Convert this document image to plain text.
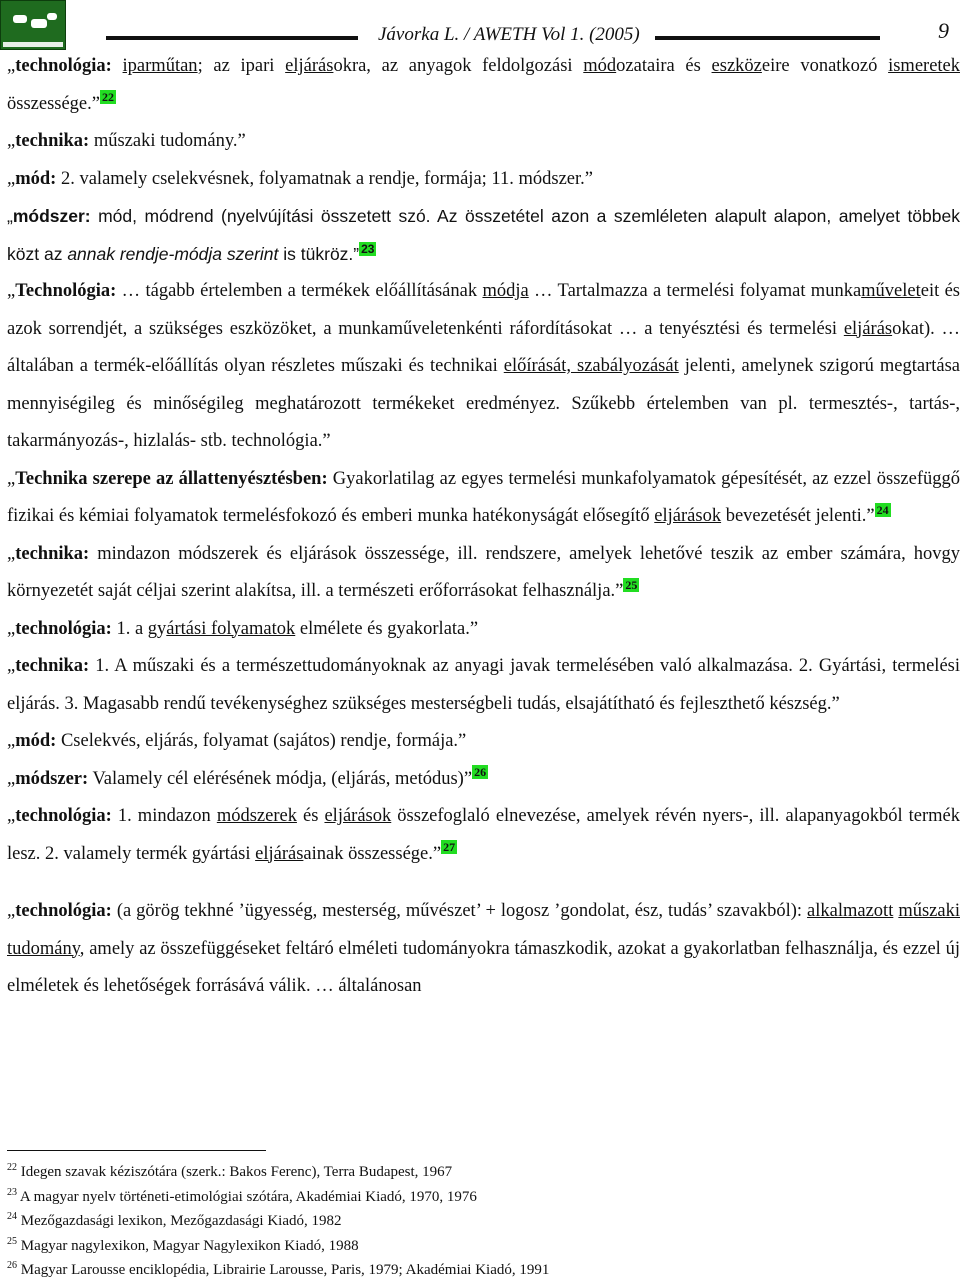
Jávorka L. / AWETH Vol 1. (2005)	9

„technológia: iparműtan; az ipari eljárásokra, az anyagok feldolgozási módozataira és eszközeire vonatkozó ismeretek összessége.” $^{22}$

„technika: műszaki tudomány.”

„mód: 2. valamely cselekvésnek, folyamatnak a rendje, formája; 11. módszer.”

„módszer: mód, módrend (nyelvújítási összetett szó. Az összetétel azon a szemléleten alapult alapon, amelyet többek közt az annak rendje-módja szerint is tükröz.” $^{23}$

„Technológia: … tágabb értelemben a termékek előállításának módja … Tartalmazza a termelési folyamat munkaműveleteit és azok sorrendjét, a szükséges eszközöket, a munkaműveletenkénti ráfordításokat … a tenyésztési és termelési eljárásokat). … általában a termék-előállítás olyan részletes műszaki és technikai előírását, szabályozását jelenti, amelynek szigorú megtartása mennyiségileg és minőségileg meghatározott termékeket eredményez. Szűkebb értelemben van pl. termesztés-, tartás-, takarmányozás-, hizlalás- stb. technológia.”

„Technika szerepe az állattenyésztésben: Gyakorlatilag az egyes termelési munkafolyamatok gépesítését, az ezzel összefüggő fizikai és kémiai folyamatok termelésfokozó és emberi munka hatékonyságát elősegítő eljárások bevezetését jelenti.” $^{24}$

„technika: mindazon módszerek és eljárások összessége, ill. rendszere, amelyek lehetővé teszik az ember számára, hovgy környezetét saját céljai szerint alakítsa, ill. a természeti erőforrásokat felhasználja.” $^{25}$

„technológia: 1. a gyártási folyamatok elmélete és gyakorlata.”

„technika: 1. A műszaki és a természettudományoknak az anyagi javak termelésében való alkalmazása. 2. Gyártási, termelési eljárás. 3. Magasabb rendű tevékenységhez szükséges mesterségbeli tudás, elsajátítható és fejleszthető készség.”

„mód: Cselekvés, eljárás, folyamat (sajátos) rendje, formája.”

„módszer: Valamely cél elérésének módja, (eljárás, metódus)” $^{26}$

„technológia: 1. mindazon módszerek és eljárások összefoglaló elnevezése, amelyek révén nyers-, ill. alapanyagokból termék lesz. 2. valamely termék gyártási eljárásainak összessége.” $^{27}$

„technológia: (a görög tekhné ’ügyesség, mesterség, művészet’ + logosz ’gondolat, ész, tudás’ szavakból): alkalmazott műszaki tudomány, amely az összefüggéseket feltáró elméleti tudományokra támaszkodik, azokat a gyakorlatban felhasználja, és ezzel új elméletek és lehetőségek forrásává válik. … általánosan

$^{22}$ Idegen szavak kéziszótára (szerk.: Bakos Ferenc), Terra Budapest, 1967
$^{23}$ A magyar nyelv történeti-etimológiai szótára, Akadémiai Kiadó, 1970, 1976
$^{24}$ Mezőgazdasági lexikon, Mezőgazdasági Kiadó, 1982
$^{25}$ Magyar nagylexikon, Magyar Nagylexikon Kiadó, 1988
$^{26}$ Magyar Larousse enciklopédia, Librairie Larousse, Paris, 1979; Akadémiai Kiadó, 1991
